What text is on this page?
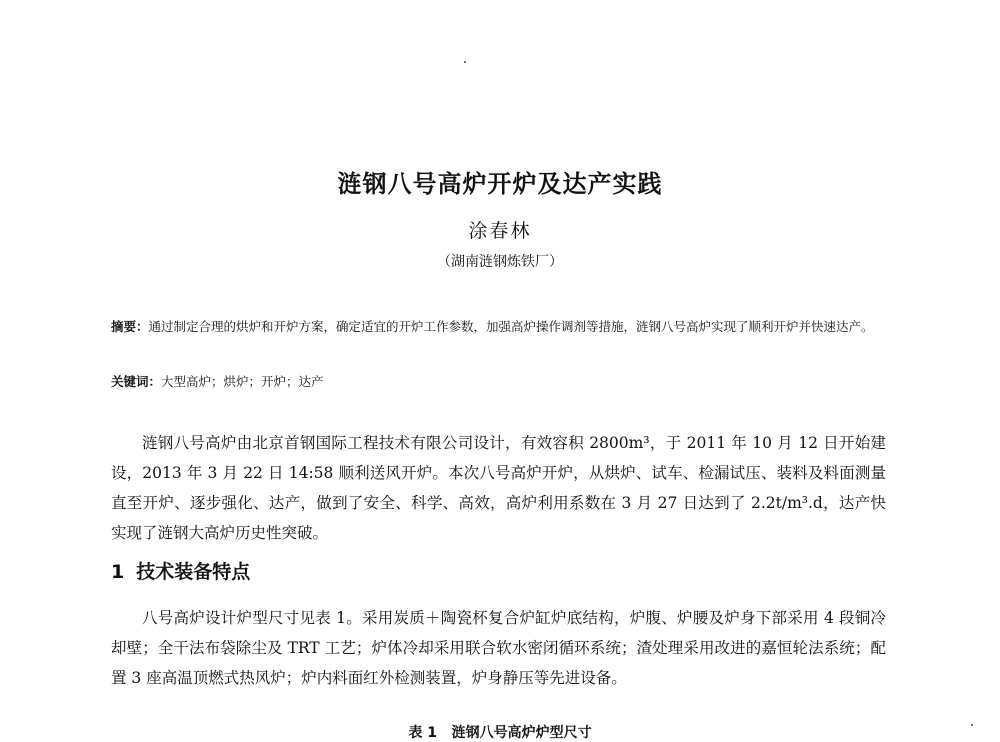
涟钢八号高炉开炉及达产实践
涂春林
（湖南涟钢炼铁厂）
摘要：通过制定合理的烘炉和开炉方案，确定适宜的开炉工作参数，加强高炉操作调剂等措施，涟钢八号高炉实现了顺利开炉并快速达产。
关键词：大型高炉；烘炉；开炉；达产
涟钢八号高炉由北京首钢国际工程技术有限公司设计，有效容积 2800m³，于 2011 年 10 月 12 日开始建设，2013 年 3 月 22 日 14:58 顺利送风开炉。本次八号高炉开炉，从烘炉、试车、检漏试压、装料及料面测量直至开炉、逐步强化、达产，做到了安全、科学、高效，高炉利用系数在 3 月 27 日达到了 2.2t/m³.d，达产快实现了涟钢大高炉历史性突破。
1 技术装备特点
八号高炉设计炉型尺寸见表 1。采用炭质＋陶瓷杯复合炉缸炉底结构，炉腹、炉腰及炉身下部采用 4 段铜冷却壁；全干法布袋除尘及 TRT 工艺；炉体冷却采用联合软水密闭循环系统；渣处理采用改进的嘉恒轮法系统；配置 3 座高温顶燃式热风炉；炉内料面红外检测装置，炉身静压等先进设备。
表 1   涟钢八号高炉炉型尺寸
